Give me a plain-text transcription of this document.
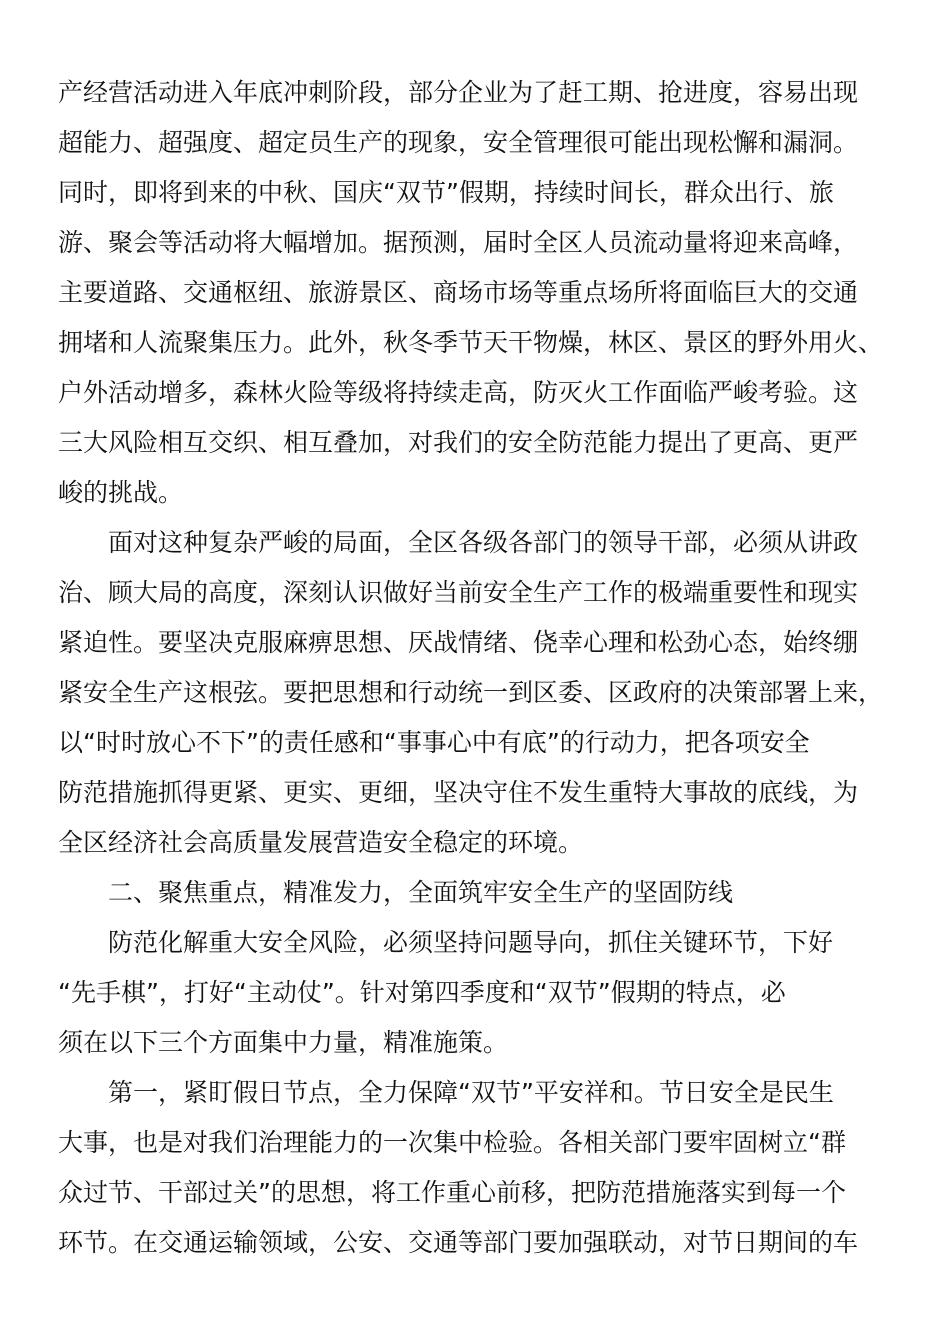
产经营活动进入年底冲刺阶段，部分企业为了赶工期、抢进度，容易出现
超能力、超强度、超定员生产的现象，安全管理很可能出现松懈和漏洞。
同时，即将到来的中秋、国庆“双节”假期，持续时间长，群众出行、旅
游、聚会等活动将大幅增加。据预测，届时全区人员流动量将迎来高峰，
主要道路、交通枢纽、旅游景区、商场市场等重点场所将面临巨大的交通
拥堵和人流聚集压力。此外，秋冬季节天干物燥，林区、景区的野外用火、
户外活动增多，森林火险等级将持续走高，防灭火工作面临严峻考验。这
三大风险相互交织、相互叠加，对我们的安全防范能力提出了更高、更严
峻的挑战。
面对这种复杂严峻的局面，全区各级各部门的领导干部，必须从讲政
治、顾大局的高度，深刻认识做好当前安全生产工作的极端重要性和现实
紧迫性。要坚决克服麻痹思想、厌战情绪、侥幸心理和松劲心态，始终绷
紧安全生产这根弦。要把思想和行动统一到区委、区政府的决策部署上来，
以“时时放心不下”的责任感和“事事心中有底”的行动力，把各项安全
防范措施抓得更紧、更实、更细，坚决守住不发生重特大事故的底线，为
全区经济社会高质量发展营造安全稳定的环境。
二、聚焦重点，精准发力，全面筑牢安全生产的坚固防线
防范化解重大安全风险，必须坚持问题导向，抓住关键环节，下好
“先手棋”，打好“主动仗”。针对第四季度和“双节”假期的特点，必
须在以下三个方面集中力量，精准施策。
第一，紧盯假日节点，全力保障“双节”平安祥和。节日安全是民生
大事，也是对我们治理能力的一次集中检验。各相关部门要牢固树立“群
众过节、干部过关”的思想，将工作重心前移，把防范措施落实到每一个
环节。在交通运输领域，公安、交通等部门要加强联动，对节日期间的车
